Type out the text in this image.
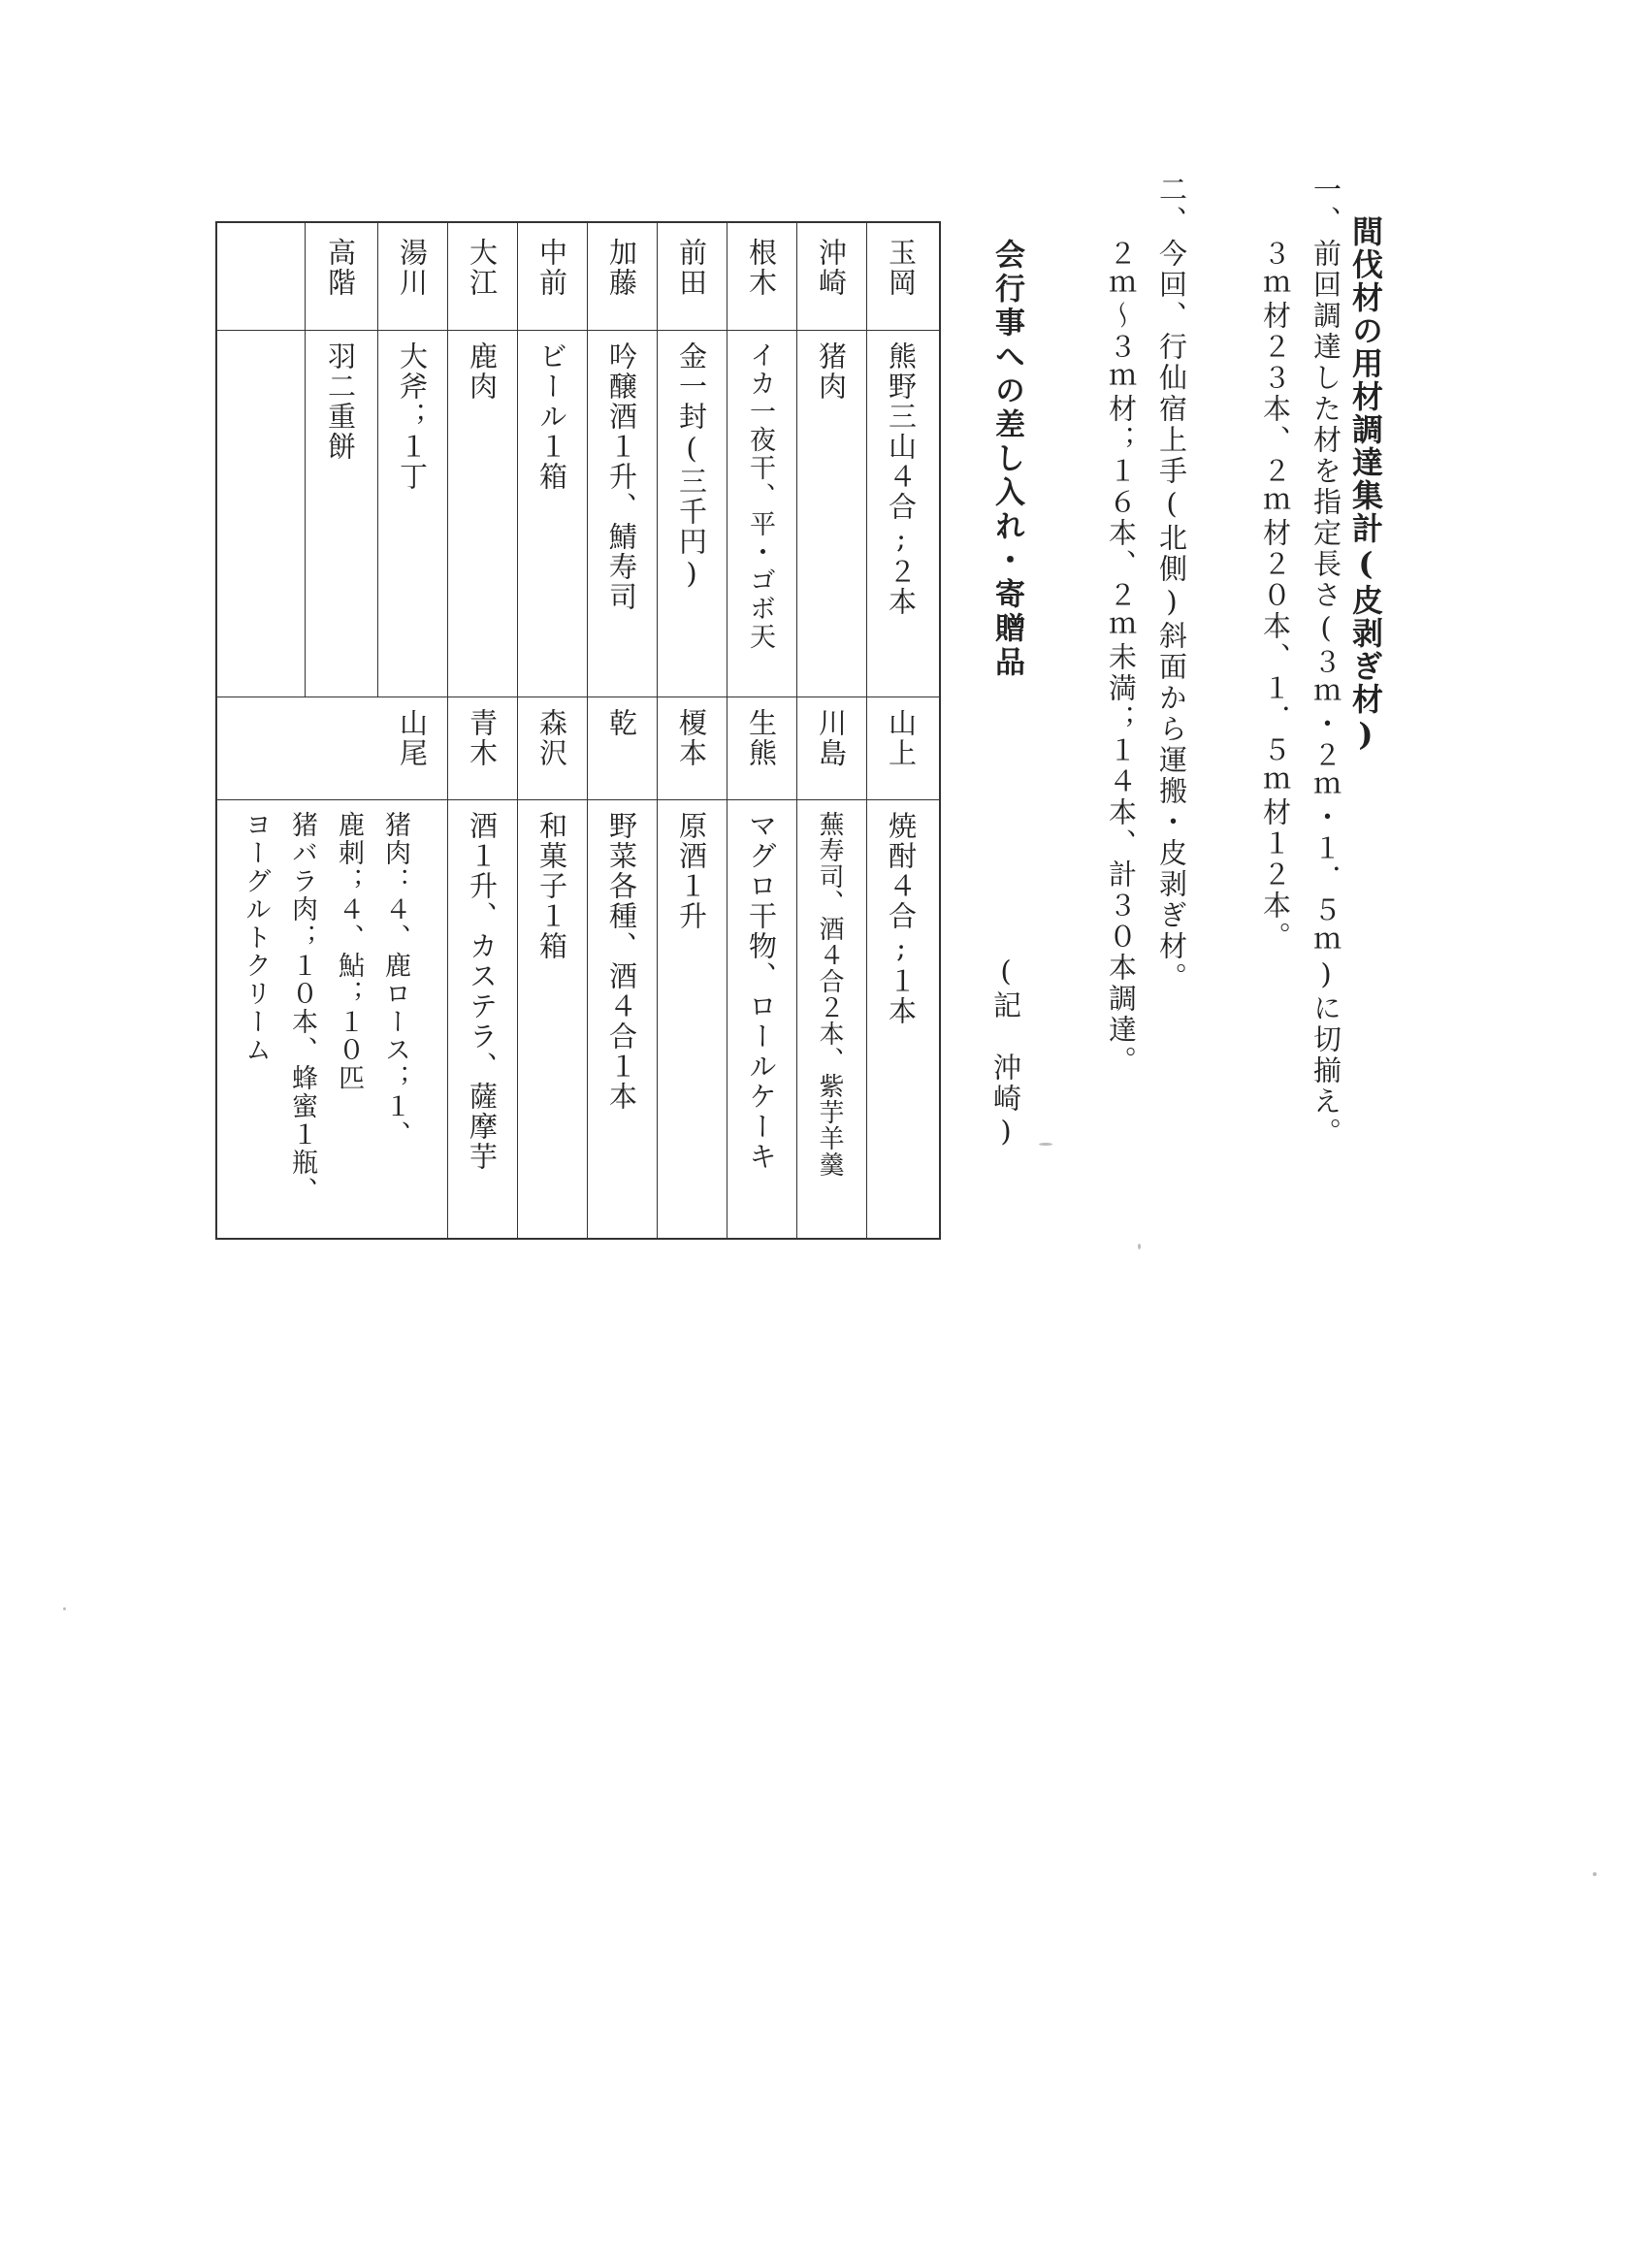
間伐材の用材調達集計(皮剥ぎ材)
一、
前回調達した材を指定長さ(３ｍ・２ｍ・１．５ｍ)に切揃え。
３ｍ材２３本、２ｍ材２０本、１．５ｍ材１２本。
二、
今回、行仙宿上手(北側)斜面から運搬・皮剥ぎ材。
２ｍ～３ｍ材；１６本、２ｍ未満；１４本、計３０本調達。
会行事への差し入れ・寄贈品
(記　沖崎)
玉岡
熊野三山４合;２本
沖崎
猪肉
根木
イカ一夜干、平・ゴボ天
前田
金一封(三千円)
加藤
吟醸酒１升、鯖寿司
中前
ビール１箱
大江
鹿肉
湯川
大斧；１丁
高階
羽二重餅
山上
焼酎４合;１本
川島
蕪寿司、酒４合２本、紫芋羊羹
生熊
マグロ干物、ロールケーキ
榎本
原酒１升
乾
野菜各種、酒４合１本
森沢
和菓子１箱
青木
酒１升、カステラ、薩摩芋
山尾
猪肉：４、鹿ロース；１、
鹿刺；４、鮎；１０匹
猪バラ肉；１０本、蜂蜜１瓶、
ヨーグルトクリーム
